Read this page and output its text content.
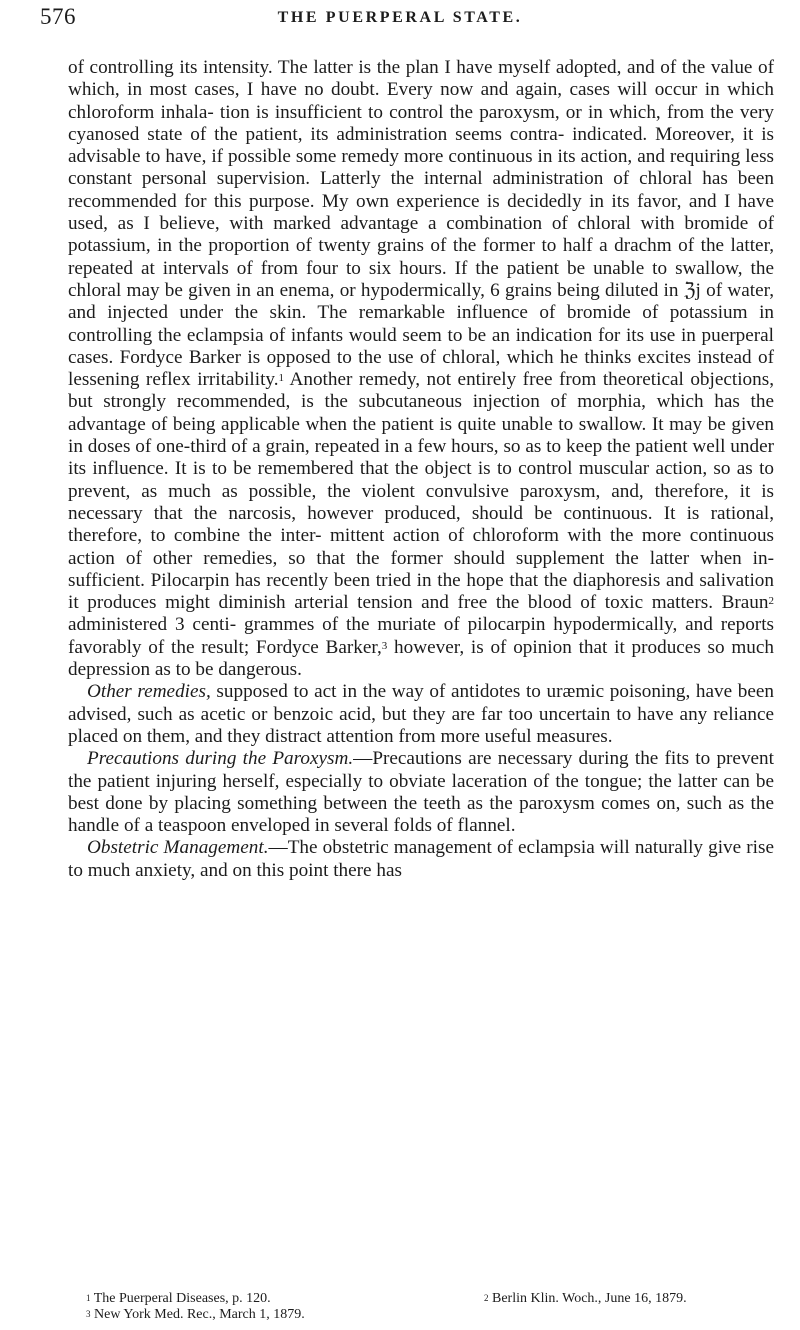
576	THE PUERPERAL STATE.

of controlling its intensity. The latter is the plan I have myself adopted, and of the value of which, in most cases, I have no doubt. Every now and again, cases will occur in which chloroform inhala- tion is insufficient to control the paroxysm, or in which, from the very cyanosed state of the patient, its administration seems contra- indicated. Moreover, it is advisable to have, if possible some remedy more continuous in its action, and requiring less constant personal supervision. Latterly the internal administration of chloral has been recommended for this purpose. My own experience is decidedly in its favor, and I have used, as I believe, with marked advantage a combination of chloral with bromide of potassium, in the proportion of twenty grains of the former to half a drachm of the latter, repeated at intervals of from four to six hours. If the patient be unable to swallow, the chloral may be given in an enema, or hypodermically, 6 grains being diluted in ℨj of water, and injected under the skin. The remarkable influence of bromide of potassium in controlling the eclampsia of infants would seem to be an indication for its use in puerperal cases. Fordyce Barker is opposed to the use of chloral, which he thinks excites instead of lessening reflex irritability.$^1$ Another remedy, not entirely free from theoretical objections, but strongly recommended, is the subcutaneous injection of morphia, which has the advantage of being applicable when the patient is quite unable to swallow. It may be given in doses of one-third of a grain, repeated in a few hours, so as to keep the patient well under its influence. It is to be remembered that the object is to control muscular action, so as to prevent, as much as possible, the violent convulsive paroxysm, and, therefore, it is necessary that the narcosis, however produced, should be continuous. It is rational, therefore, to combine the inter- mittent action of chloroform with the more continuous action of other remedies, so that the former should supplement the latter when in- sufficient. Pilocarpin has recently been tried in the hope that the diaphoresis and salivation it produces might diminish arterial tension and free the blood of toxic matters. Braun$^2$ administered 3 centi- grammes of the muriate of pilocarpin hypodermically, and reports favorably of the result; Fordyce Barker,$^3$ however, is of opinion that it produces so much depression as to be dangerous.

Other remedies, supposed to act in the way of antidotes to uræmic poisoning, have been advised, such as acetic or benzoic acid, but they are far too uncertain to have any reliance placed on them, and they distract attention from more useful measures.

Precautions during the Paroxysm.—Precautions are necessary during the fits to prevent the patient injuring herself, especially to obviate laceration of the tongue; the latter can be best done by placing something between the teeth as the paroxysm comes on, such as the handle of a teaspoon enveloped in several folds of flannel.

Obstetric Management.—The obstetric management of eclampsia will naturally give rise to much anxiety, and on this point there has

$^1$ The Puerperal Diseases, p. 120.	$^2$ Berlin Klin. Woch., June 16, 1879.
$^3$ New York Med. Rec., March 1, 1879.
